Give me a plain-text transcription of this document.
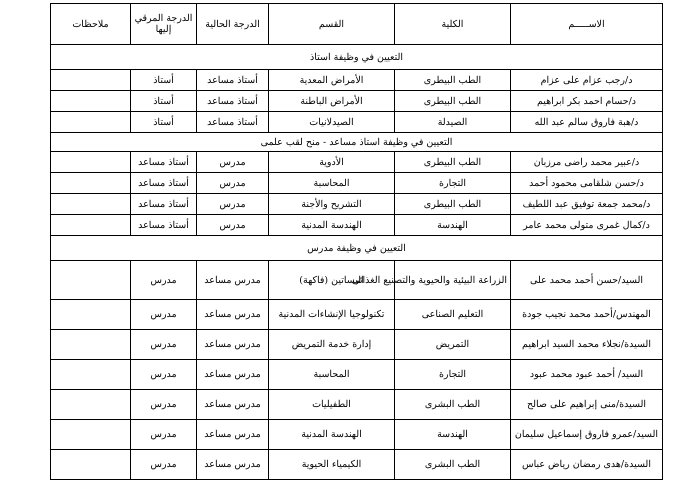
الاســـــم	الكلية	القسم	الدرجة الحالية	الدرجة المرقي إليها	ملاحظات
التعيين في وظيفة استاذ					
د/رجب عزام على عزام	الطب البيطرى	الأمراض المعدية	أستاذ مساعد	أستاذ	
د/حسام احمد بكر ابراهيم	الطب البيطرى	الأمراض الباطنة	أستاذ مساعد	أستاذ	
د/هبة فاروق سالم عبد الله	الصيدلة	الصيدلانيات	أستاذ مساعد	أستاذ	
التعيين في وظيفة استاذ مساعد - منح لقب علمى					
د/عبير محمد راضى مرزبان	الطب البيطرى	الأدوية	مدرس	أستاذ مساعد	
د/حسن شلقامى محمود أحمد	التجارة	المحاسبة	مدرس	أستاذ مساعد	
د/محمد جمعة توفيق عبد اللطيف	الطب البيطرى	التشريح والأجنة	مدرس	أستاذ مساعد	
د/كمال غمرى متولى محمد عامر	الهندسة	الهندسة المدنية	مدرس	أستاذ مساعد	
التعيين في وظيفة مدرس					
السيد/حسن أحمد محمد على	الزراعة البيئية والحيوية والتصنيع الغذائى	البساتين (فاكهة)	مدرس مساعد	مدرس	
المهندس/أحمد محمد نجيب جودة	التعليم الصناعى	تكنولوجيا الإنشاءات المدنية	مدرس مساعد	مدرس	
السيدة/نجلاء محمد السيد ابراهيم	التمريض	إدارة خدمة التمريض	مدرس مساعد	مدرس	
السيد/ أحمد عبود محمد عبود	التجارة	المحاسبة	مدرس مساعد	مدرس	
السيدة/منى إبراهيم على صالح	الطب البشرى	الطفيليات	مدرس مساعد	مدرس	
السيد/عمرو فاروق إسماعيل سليمان	الهندسة	الهندسة المدنية	مدرس مساعد	مدرس	
السيدة/هدى رمضان رياض عباس	الطب البشرى	الكيمياء الحيوية	مدرس مساعد	مدرس	
